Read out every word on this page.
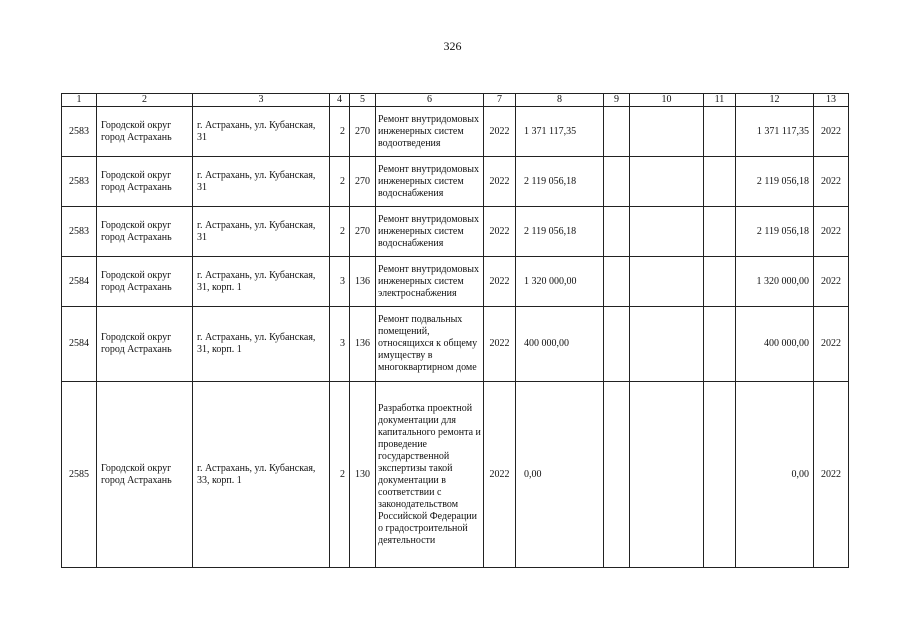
326
1	2	3	4	5	6	7	8	9	10	11	12	13
2583	Городской округ город Астрахань	г. Астрахань, ул. Кубанская, 31	2	270	Ремонт внутридомовых инженерных систем водоотведения	2022	1 371 117,35				1 371 117,35	2022
2583	Городской округ город Астрахань	г. Астрахань, ул. Кубанская, 31	2	270	Ремонт внутридомовых инженерных систем водоснабжения	2022	2 119 056,18				2 119 056,18	2022
2583	Городской округ город Астрахань	г. Астрахань, ул. Кубанская, 31	2	270	Ремонт внутридомовых инженерных систем водоснабжения	2022	2 119 056,18				2 119 056,18	2022
2584	Городской округ город Астрахань	г. Астрахань, ул. Кубанская, 31, корп. 1	3	136	Ремонт внутридомовых инженерных систем электроснабжения	2022	1 320 000,00				1 320 000,00	2022
2584	Городской округ город Астрахань	г. Астрахань, ул. Кубанская, 31, корп. 1	3	136	Ремонт подвальных помещений, относящихся к общему имуществу в многоквартирном доме	2022	400 000,00				400 000,00	2022
2585	Городской округ город Астрахань	г. Астрахань, ул. Кубанская, 33, корп. 1	2	130	Разработка проектной документации для капитального ремонта и проведение государственной экспертизы такой документации в соответствии с законодательством Российской Федерации о градостроительной деятельности	2022	0,00				0,00	2022
